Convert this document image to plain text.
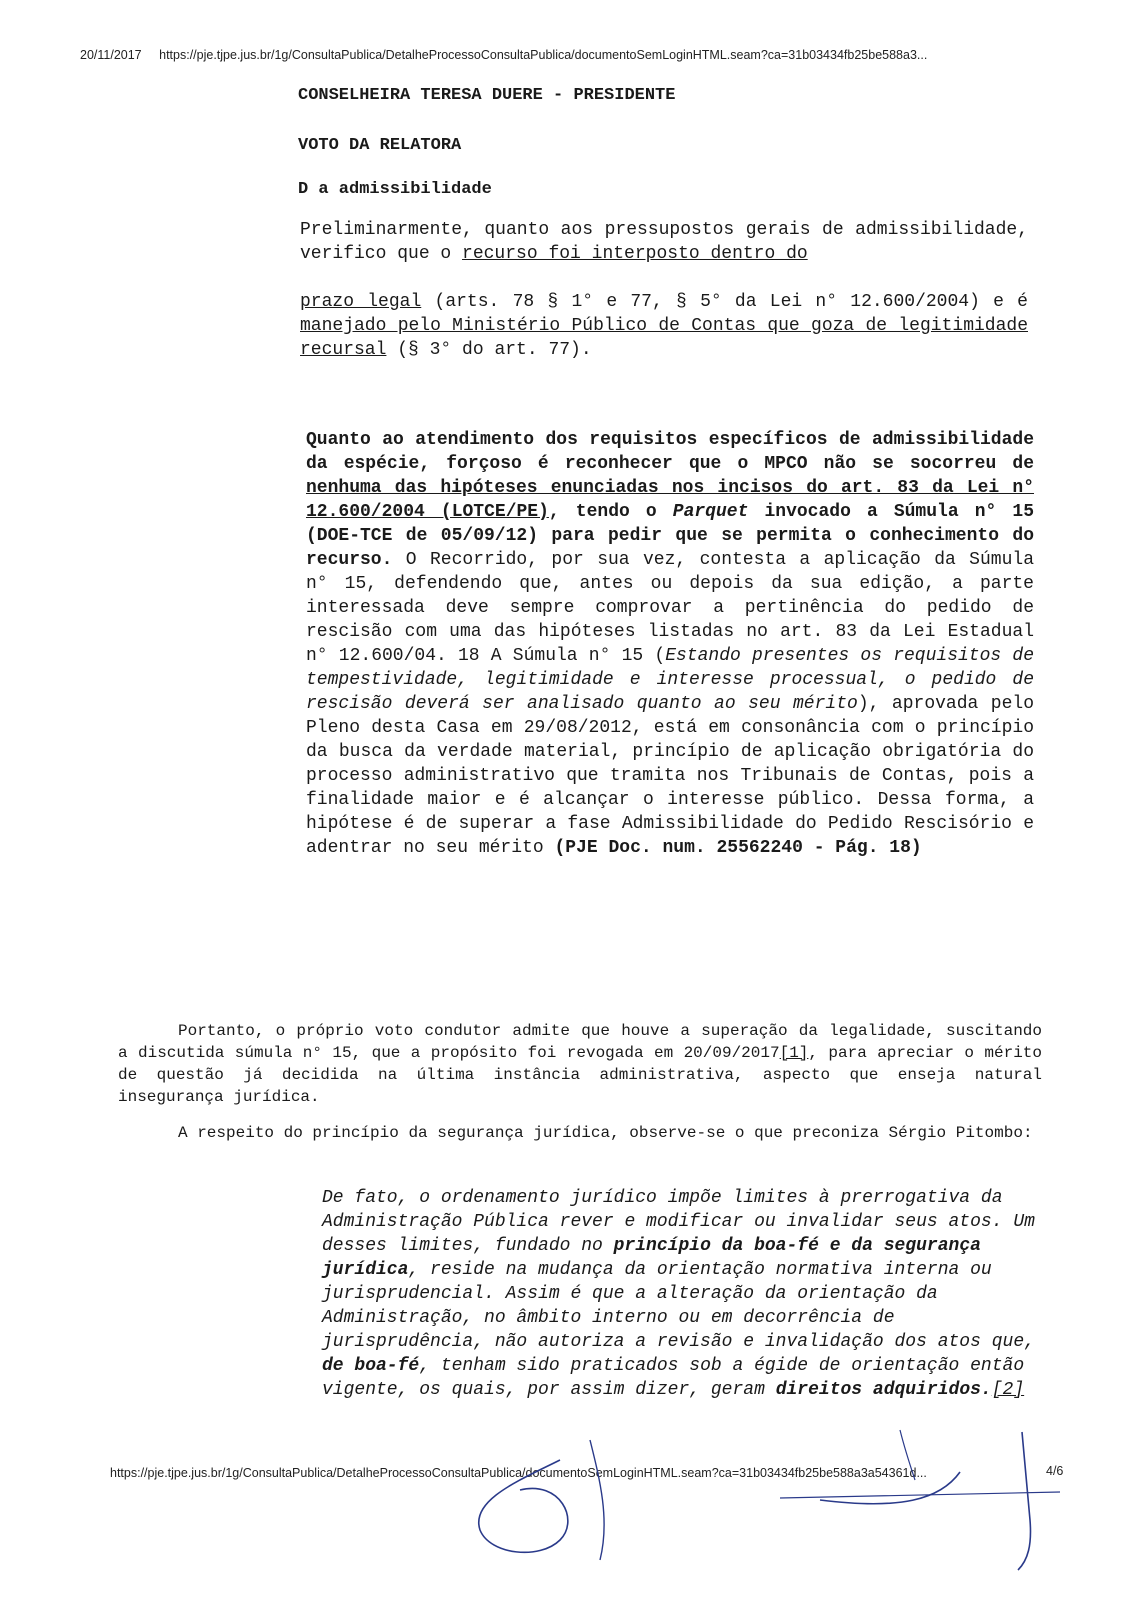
20/11/2017 https://pje.tjpe.jus.br/1g/ConsultaPublica/DetalheProcessoConsultaPublica/documentoSemLoginHTML.seam?ca=31b03434fb25be588a3...
CONSELHEIRA TERESA DUERE - PRESIDENTE
VOTO DA RELATORA
D a admissibilidade
Preliminarmente, quanto aos pressupostos gerais de admissibilidade, verifico que o recurso foi interposto dentro do

prazo legal (arts. 78 § 1° e 77, § 5° da Lei n° 12.600/2004) e é manejado pelo Ministério Público de Contas que goza de legitimidade recursal (§ 3° do art. 77).
Quanto ao atendimento dos requisitos específicos de admissibilidade da espécie, forçoso é reconhecer que o MPCO não se socorreu de nenhuma das hipóteses enunciadas nos incisos do art. 83 da Lei n° 12.600/2004 (LOTCE/PE), tendo o Parquet invocado a Súmula n° 15 (DOE-TCE de 05/09/12) para pedir que se permita o conhecimento do recurso. O Recorrido, por sua vez, contesta a aplicação da Súmula n° 15, defendendo que, antes ou depois da sua edição, a parte interessada deve sempre comprovar a pertinência do pedido de rescisão com uma das hipóteses listadas no art. 83 da Lei Estadual n° 12.600/04. 18 A Súmula n° 15 (Estando presentes os requisitos de tempestividade, legitimidade e interesse processual, o pedido de rescisão deverá ser analisado quanto ao seu mérito), aprovada pelo Pleno desta Casa em 29/08/2012, está em consonância com o princípio da busca da verdade material, princípio de aplicação obrigatória do processo administrativo que tramita nos Tribunais de Contas, pois a finalidade maior e é alcançar o interesse público. Dessa forma, a hipótese é de superar a fase Admissibilidade do Pedido Rescisório e adentrar no seu mérito (PJE Doc. num. 25562240 - Pág. 18)
Portanto, o próprio voto condutor admite que houve a superação da legalidade, suscitando a discutida súmula n° 15, que a propósito foi revogada em 20/09/2017[1], para apreciar o mérito de questão já decidida na última instância administrativa, aspecto que enseja natural insegurança jurídica.
A respeito do princípio da segurança jurídica, observe-se o que preconiza Sérgio Pitombo:
De fato, o ordenamento jurídico impõe limites à prerrogativa da Administração Pública rever e modificar ou invalidar seus atos. Um desses limites, fundado no princípio da boa-fé e da segurança jurídica, reside na mudança da orientação normativa interna ou jurisprudencial. Assim é que a alteração da orientação da Administração, no âmbito interno ou em decorrência de jurisprudência, não autoriza a revisão e invalidação dos atos que, de boa-fé, tenham sido praticados sob a égide de orientação então vigente, os quais, por assim dizer, geram direitos adquiridos.[2]
https://pje.tjpe.jus.br/1g/ConsultaPublica/DetalheProcessoConsultaPublica/documentoSemLoginHTML.seam?ca=31b03434fb25be588a3a54361d...	4/6
